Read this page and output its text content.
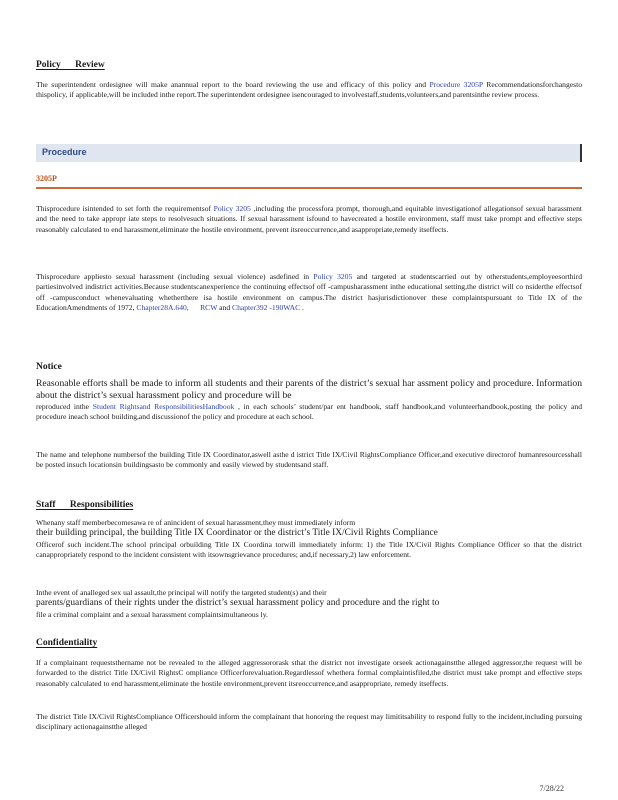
Policy Review

The superintendent ordesignee will make anannual report to the board reviewing the use and efficacy of this policy and Procedure 3205P Recommendationsforchangesto thispolicy, if applicable,will be included inthe report.The superintendent ordesignee isencouraged to involvestaff,students,volunteers,and parentsinthe review process.

Procedure
3205P

Thisprocedure isintended to set forth the requirementsof Policy 3205 ,including the processfora prompt, thorough,and equitable investigationof allegationsof sexual harassment and the need to take appropr iate steps to resolvesuch situations. If sexual harassment isfound to havecreated a hostile environment, staff must take prompt and effective steps reasonably calculated to end harassment,eliminate the hostile environment, prevent itsreoccurrence,and asappropriate,remedy itseffects.

Thisprocedure appliesto sexual harassment (including sexual violence) asdefined in Policy 3205 and targeted at studentscarried out by otherstudents,employeesorthird partiesinvolved indistrict activities.Because studentscanexperience the continuing effectsof off -campusharassment inthe educational setting,the district will co nsiderthe effectsof off -campusconduct whenevaluating whetherthere isa hostile environment on campus.The district hasjurisdictionover these complaintspursuant to Title IX of the EducationAmendments of 1972, Chapter28A.640, RCW and Chapter392 -190WAC .

Notice

Reasonable efforts shall be made to inform all students and their parents of the district’s sexual har assment policy and procedure. Information about the district’s sexual harassment policy and procedure will be

reproduced inthe Student Rightsand ResponsibilitiesHandbook , in each schools’ student/par ent handbook, staff handbook,and volunteerhandbook,posting the policy and procedure ineach school building,and discussionof the policy and procedure at each school.

The name and telephone numbersof the building Title IX Coordinator,aswell asthe d istrict Title IX/Civil RightsCompliance Officer,and executive directorof humanresourcesshall be posted insuch locationsin buildingsasto be commonly and easily viewed by studentsand staff.

Staff Responsibilities

Whenany staff memberbecomesawa re of anincident of sexual harassment,they must immediately inform

their building principal, the building Title IX Coordinator or the district’s Title IX/Civil Rights Compliance

Officerof such incident.The school principal orbuilding Title IX Coordina torwill immediately inform: 1) the Title IX/Civil Rights Compliance Officer so that the district canappropriately respond to the incident consistent with itsownsgrievance procedures; and,if necessary,2) law enforcement.

Inthe event of analleged sex ual assault,the principal will notify the targeted student(s) and their

parents/guardians of their rights under the district’s sexual harassment policy and procedure and the right to

file a criminal complaint and a sexual harassment complaintsimultaneous ly.

Confidentiality

If a complainant requeststhername not be revealed to the alleged aggressororask sthat the district not investigate orseek actionagainstthe alleged aggressor,the request will be forwarded to the district Title IX/Civil RightsC ompliance Officerforevaluation.Regardlessof whethera formal complaintisfiled,the district must take prompt and effective steps reasonably calculated to end harassment,eliminate the hostile environment,prevent itsreoccurrence,and asappropriate, remedy itseffects.

The district Title IX/Civil RightsCompliance Officershould inform the complainant that honoring the request may limititsability to respond fully to the incident,including pursuing disciplinary actionagainstthe alleged

7/28/22
